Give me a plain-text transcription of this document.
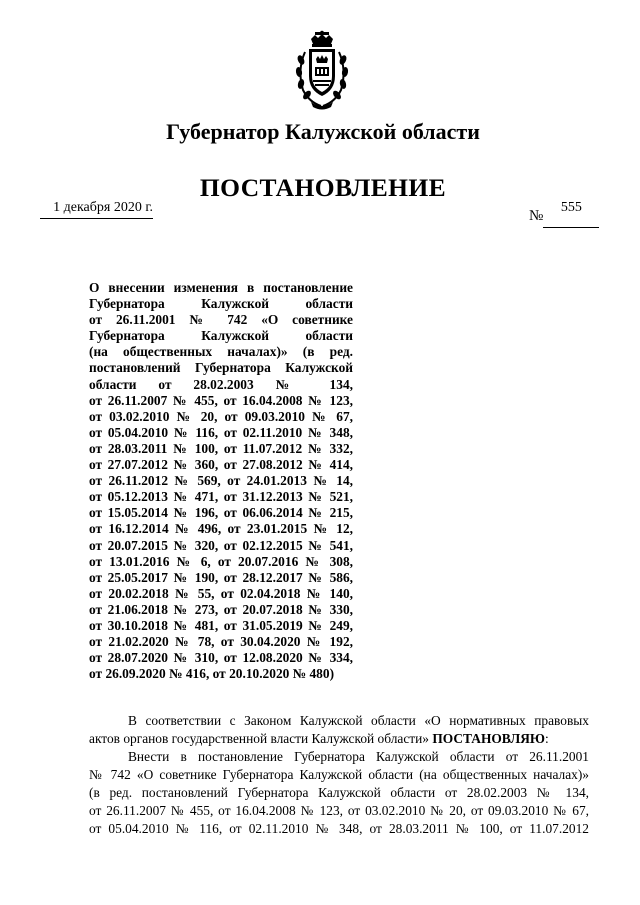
Губернатор Калужской области
ПОСТАНОВЛЕНИЕ
1 декабря 2020 г.
№
555
О внесении изменения в постановление
Губернатора Калужской области
от 26.11.2001 № 742 «О советнике
Губернатора Калужской области
(на общественных началах)» (в ред.
постановлений Губернатора Калужской
области от 28.02.2003 № 134,
от 26.11.2007 № 455, от 16.04.2008 № 123,
от 03.02.2010 № 20, от 09.03.2010 № 67,
от 05.04.2010 № 116, от 02.11.2010 № 348,
от 28.03.2011 № 100, от 11.07.2012 № 332,
от 27.07.2012 № 360, от 27.08.2012 № 414,
от 26.11.2012 № 569, от 24.01.2013 № 14,
от 05.12.2013 № 471, от 31.12.2013 № 521,
от 15.05.2014 № 196, от 06.06.2014 № 215,
от 16.12.2014 № 496, от 23.01.2015 № 12,
от 20.07.2015 № 320, от 02.12.2015 № 541,
от 13.01.2016 № 6, от 20.07.2016 № 308,
от 25.05.2017 № 190, от 28.12.2017 № 586,
от 20.02.2018 № 55, от 02.04.2018 № 140,
от 21.06.2018 № 273, от 20.07.2018 № 330,
от 30.10.2018 № 481, от 31.05.2019 № 249,
от 21.02.2020 № 78, от 30.04.2020 № 192,
от 28.07.2020 № 310, от 12.08.2020 № 334,
от 26.09.2020 № 416, от 20.10.2020 № 480)
В соответствии с Законом Калужской области «О нормативных правовых
актов органов государственной власти Калужской области» ПОСТАНОВЛЯЮ:
Внести в постановление Губернатора Калужской области от 26.11.2001
№ 742 «О советнике Губернатора Калужской области (на общественных началах)»
(в ред. постановлений Губернатора Калужской области от 28.02.2003 № 134,
от 26.11.2007 № 455, от 16.04.2008 № 123, от 03.02.2010 № 20, от 09.03.2010 № 67,
от 05.04.2010 № 116, от 02.11.2010 № 348, от 28.03.2011 № 100, от 11.07.2012
